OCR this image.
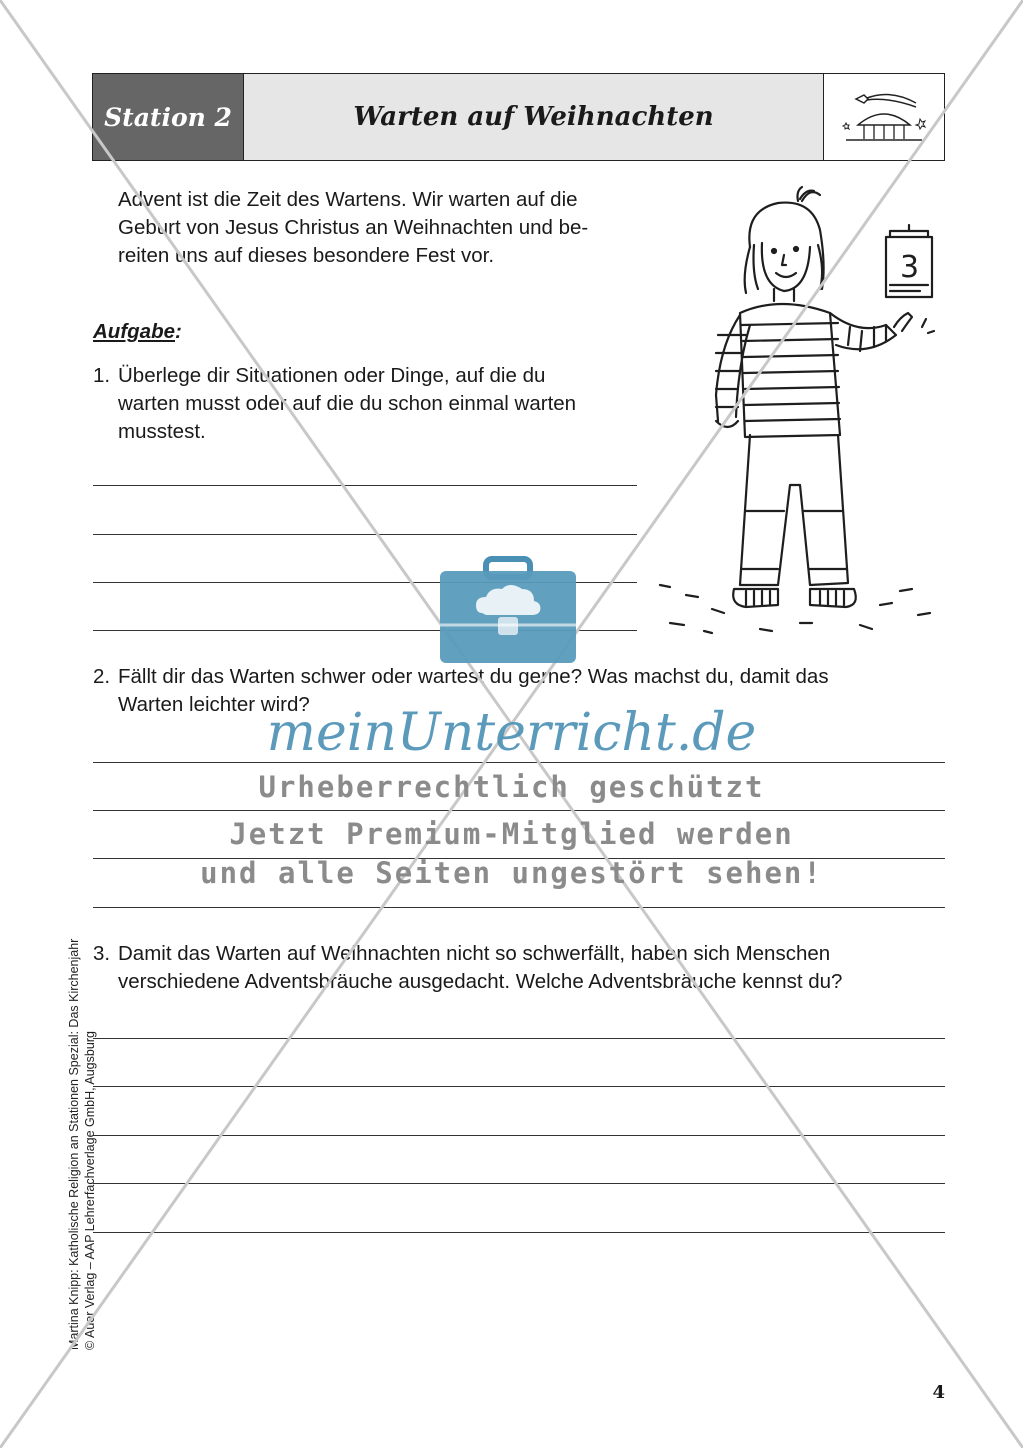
Station 2	Warten auf Weihnachten
Advent ist die Zeit des Wartens. Wir warten auf die
Geburt von Jesus Christus an Weihnachten und be-
reiten uns auf dieses besondere Fest vor.
Aufgabe:
1. Überlege dir Situationen oder Dinge, auf die du
warten musst oder auf die du schon einmal warten
musstest.
3
2. Fällt dir das Warten schwer oder wartest du gerne? Was machst du, damit das
Warten leichter wird?
3. Damit das Warten auf Weihnachten nicht so schwerfällt, haben sich Menschen
verschiedene Adventsbräuche ausgedacht. Welche Adventsbräuche kennst du?
Martina Knipp: Katholische Religion an Stationen Spezial: Das Kirchenjahr © Auer Verlag – AAP Lehrerfachverlage GmbH, Augsburg
4
meinUnterricht.de
Urheberrechtlich geschützt
Jetzt Premium-Mitglied werden
und alle Seiten ungestört sehen!
